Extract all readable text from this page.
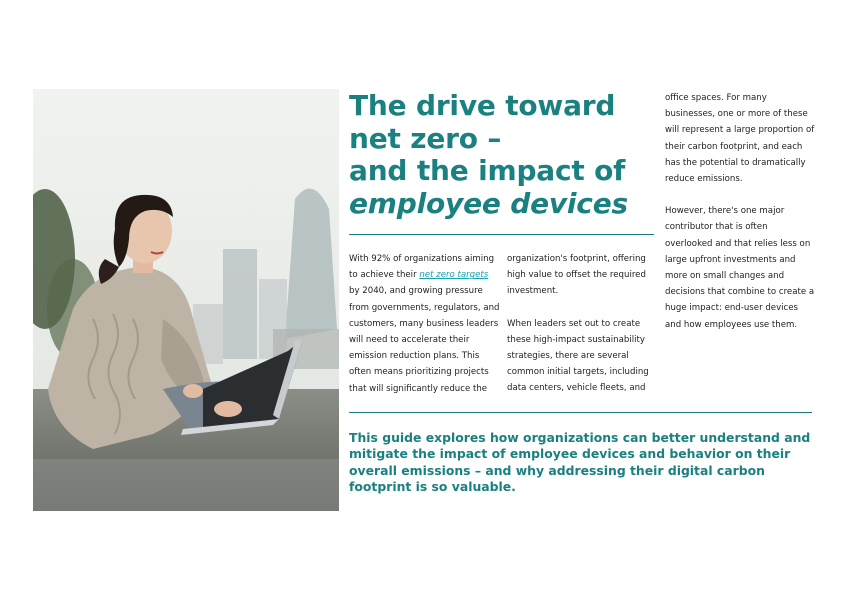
The drive toward
net zero –
and the impact of
employee devices

With 92% of organizations aiming to achieve their net zero targets by 2040, and growing pressure from governments, regulators, and customers, many business leaders will need to accelerate their emission reduction plans. This often means prioritizing projects that will significantly reduce the

organization's footprint, offering high value to offset the required investment.

When leaders set out to create these high-impact sustainability strategies, there are several common initial targets, including data centers, vehicle fleets, and

office spaces. For many businesses, one or more of these will represent a large proportion of their carbon footprint, and each has the potential to dramatically reduce emissions.

However, there's one major contributor that is often overlooked and that relies less on large upfront investments and more on small changes and decisions that combine to create a huge impact: end-user devices and how employees use them.

This guide explores how organizations can better understand and mitigate the impact of employee devices and behavior on their overall emissions – and why addressing their digital carbon footprint is so valuable.
